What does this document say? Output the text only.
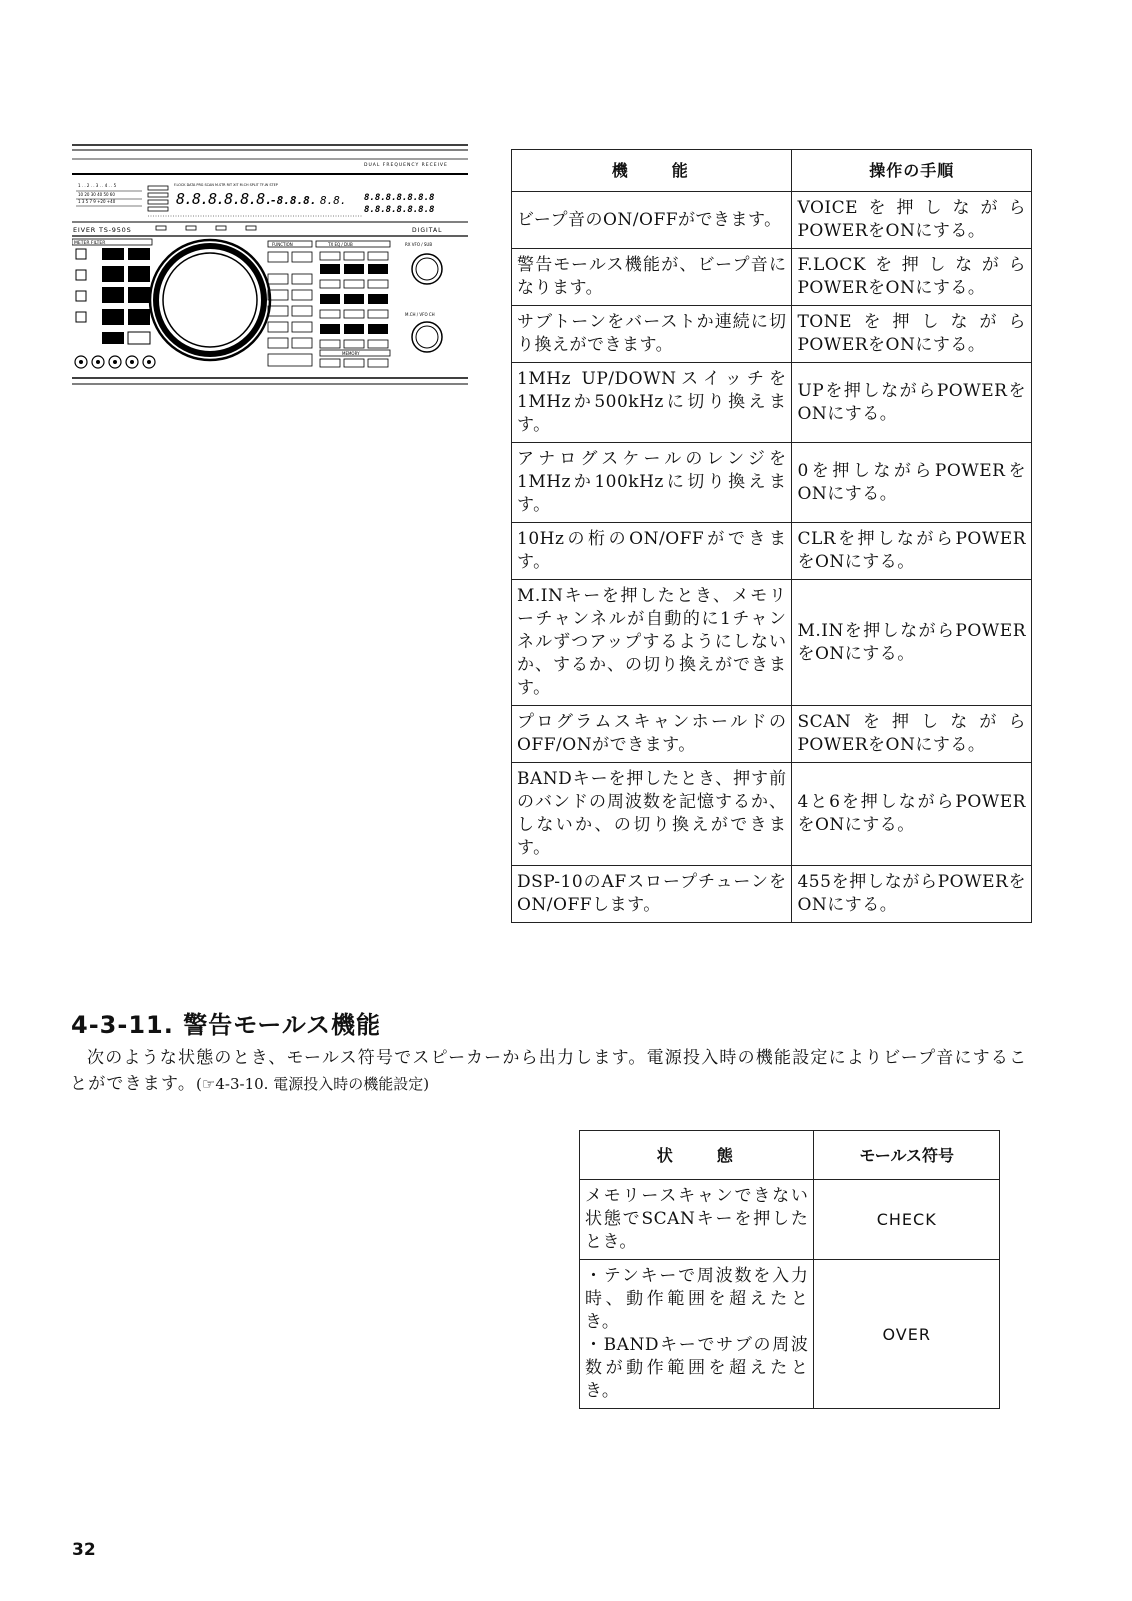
DUAL FREQUENCY RECEIVE
1 . . 2 . . 3 . . 4 . . 5
10 20 30 40 50 60
1 3 5 7 9 +20 +40
F.LOCK DATA PRG SCAN M.STR RIT XIT M.CH SPLIT TF-W STEP
8.8.8.8.8.8.
-8.8.8. 8.8. 8.8.8.8.8.8.8
8.8.8.8.8.8.8
EIVER TS-950S	DIGITAL
METER FILTER	FUNCTION	TX EQ / DUB
MEMORY
RX VFO / SUB
M.CH / VFO CH
機　　能	操作の手順
ビープ音のON/OFFができます。	VOICEを押しながらPOWERをONにする。
警告モールス機能が、ビープ音になります。	F.LOCKを押しながらPOWERをONにする。
サブトーンをバーストか連続に切り換えができます。	TONEを押しながらPOWERをONにする。
1MHz UP/DOWNスイッチを1MHzか500kHzに切り換えます。	UPを押しながらPOWERをONにする。
アナログスケールのレンジを1MHzか100kHzに切り換えます。	0を押しながらPOWERをONにする。
10Hzの桁のON/OFFができます。	CLRを押しながらPOWERをONにする。
M.INキーを押したとき、メモリーチャンネルが自動的に1チャンネルずつアップするようにしないか、するか、の切り換えができます。	M.INを押しながらPOWERをONにする。
プログラムスキャンホールドのOFF/ONができます。	SCANを押しながらPOWERをONにする。
BANDキーを押したとき、押す前のバンドの周波数を記憶するか、しないか、の切り換えができます。	4と6を押しながらPOWERをONにする。
DSP-10のAFスロープチューンをON/OFFします。	455を押しながらPOWERをONにする。
4-3-11. 警告モールス機能

次のような状態のとき、モールス符号でスピーカーから出力します。電源投入時の機能設定によりビープ音にすることができます。(☞4-3-10. 電源投入時の機能設定)

状　　態	モールス符号
メモリースキャンできない状態でSCANキーを押したとき。	CHECK
・テンキーで周波数を入力時、動作範囲を超えたとき。
・BANDキーでサブの周波数が動作範囲を超えたとき。	OVER
32
